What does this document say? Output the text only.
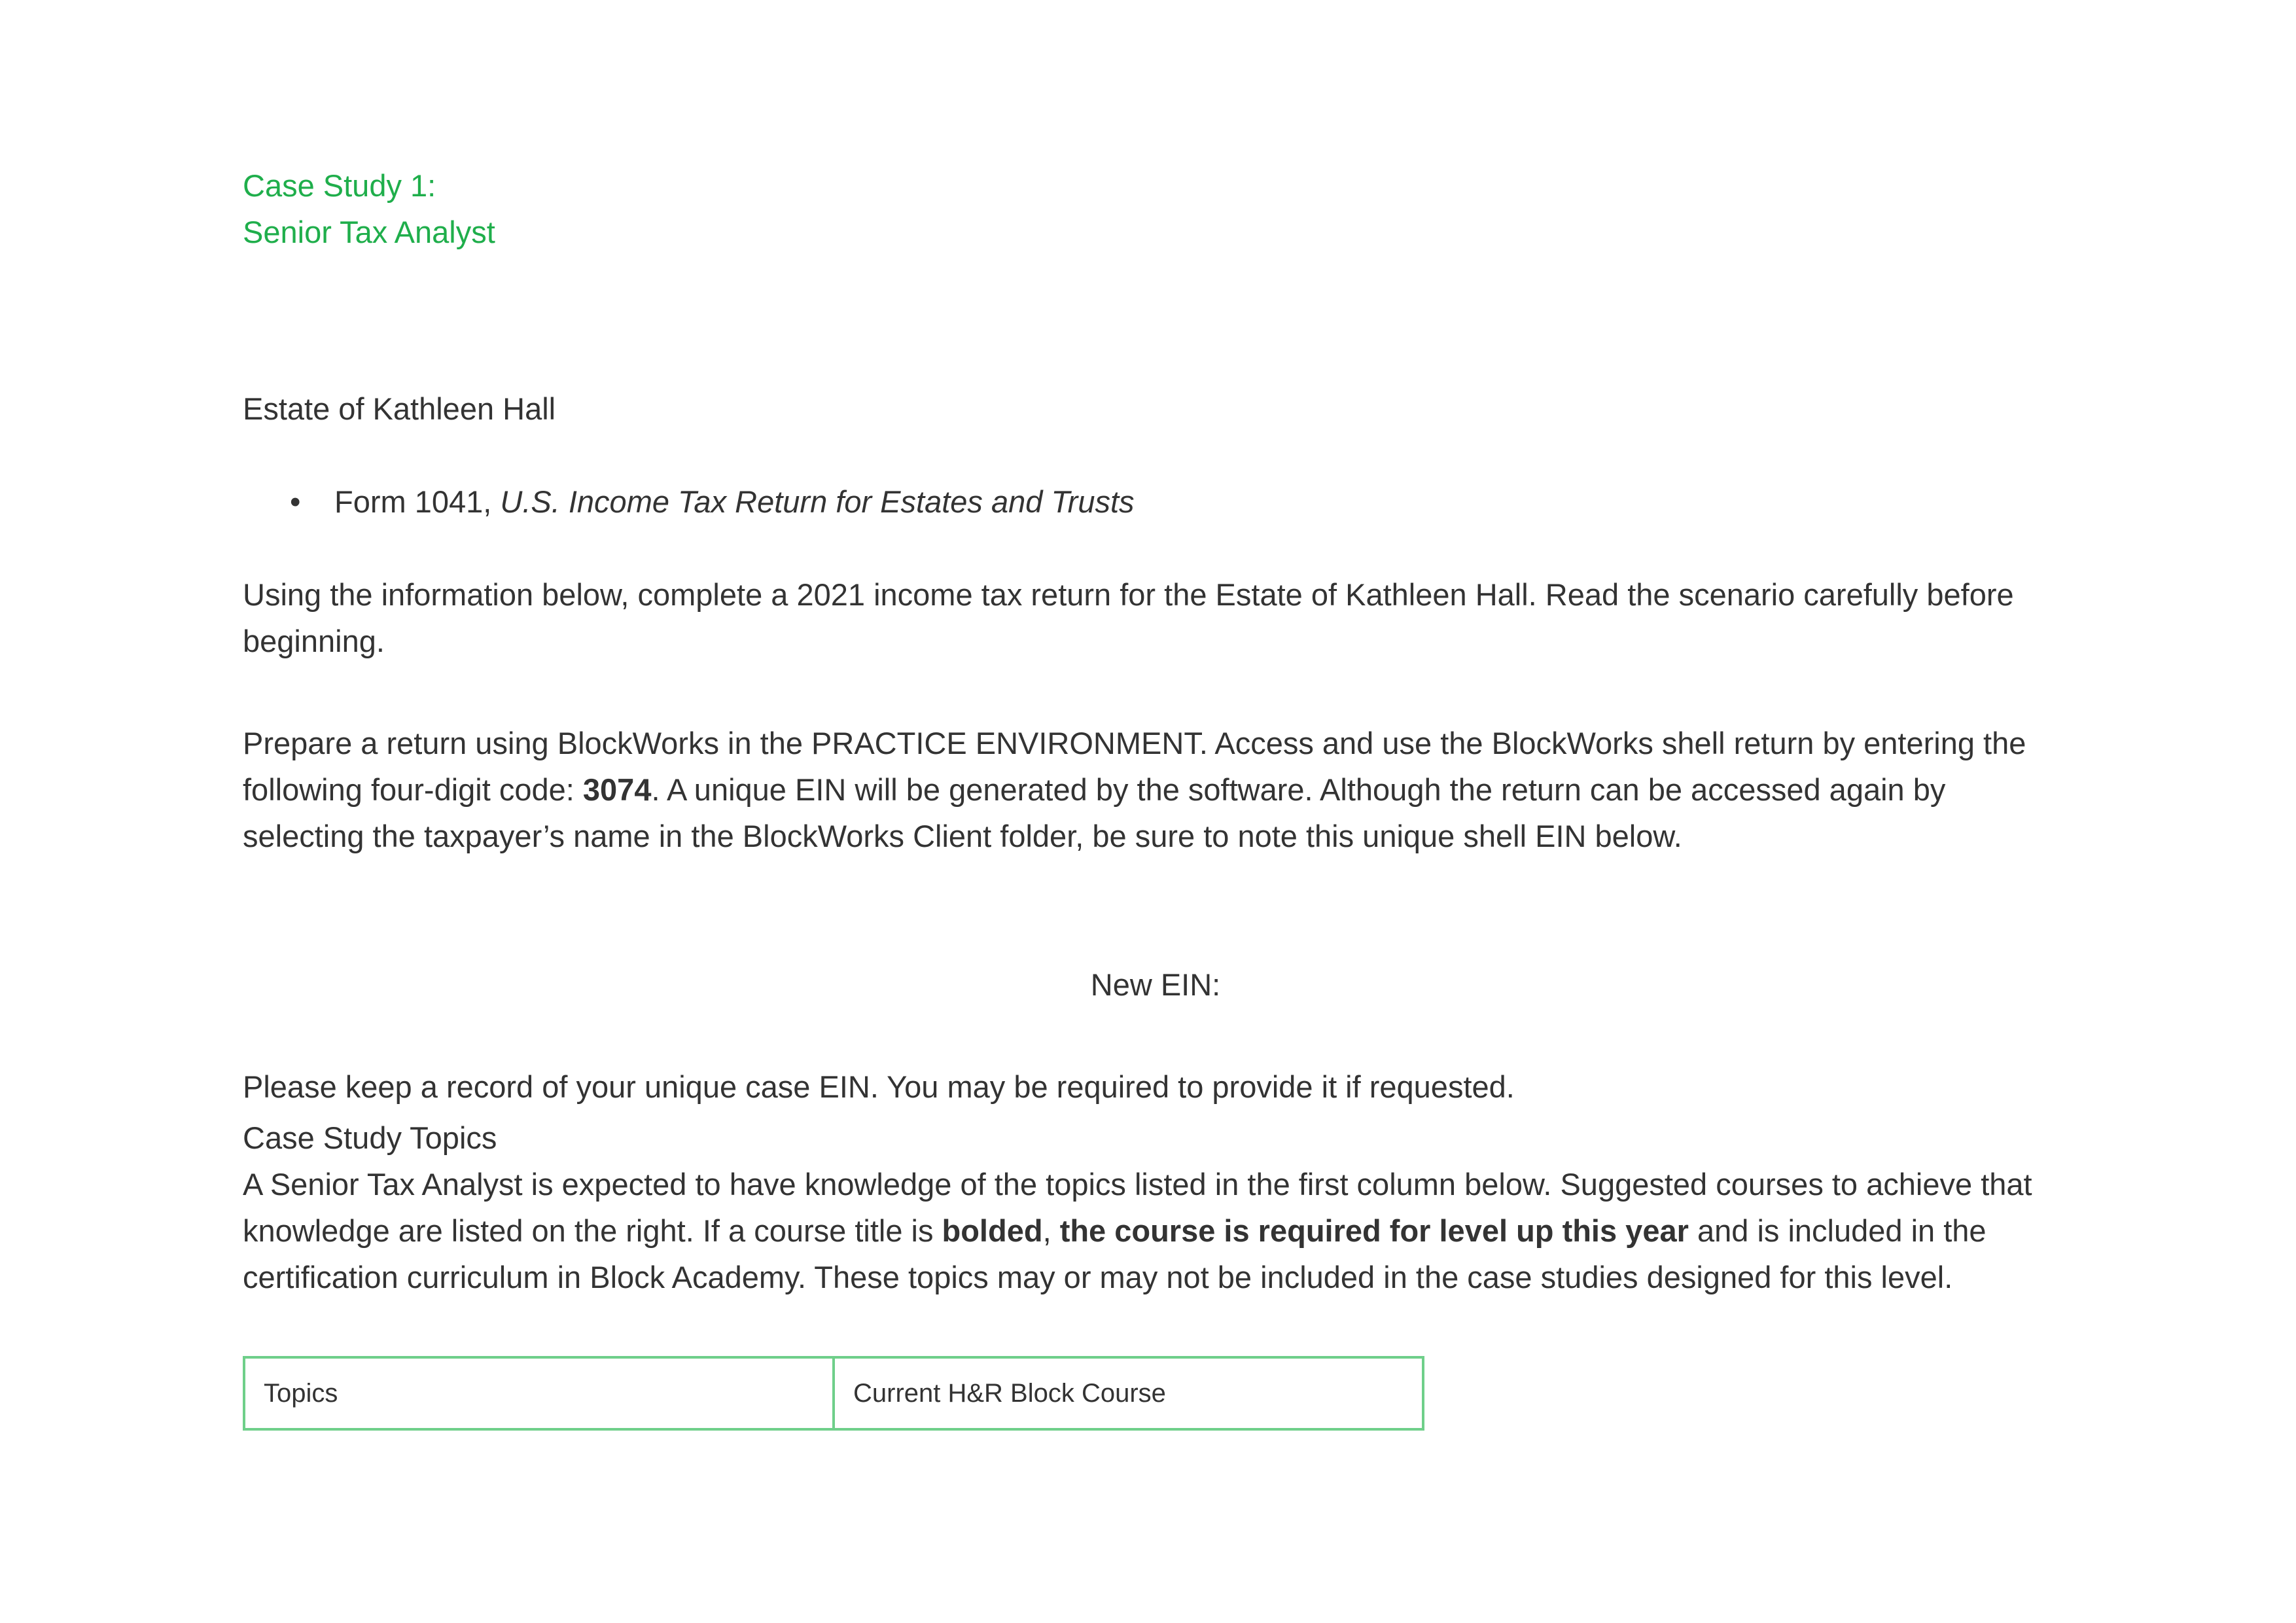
Case Study 1:

Senior Tax Analyst

Estate of Kathleen Hall

• Form 1041, U.S. Income Tax Return for Estates and Trusts

Using the information below, complete a 2021 income tax return for the Estate of Kathleen Hall. Read the scenario carefully before beginning.

Prepare a return using BlockWorks in the PRACTICE ENVIRONMENT. Access and use the BlockWorks shell return by entering the following four-digit code: 3074. A unique EIN will be generated by the software. Although the return can be accessed again by selecting the taxpayer’s name in the BlockWorks Client folder, be sure to note this unique shell EIN below.

New EIN:

Please keep a record of your unique case EIN. You may be required to provide it if requested.

Case Study Topics

A Senior Tax Analyst is expected to have knowledge of the topics listed in the first column below. Suggested courses to achieve that knowledge are listed on the right. If a course title is bolded, the course is required for level up this year and is included in the certification curriculum in Block Academy. These topics may or may not be included in the case studies designed for this level.

Topics	Current H&R Block Course
